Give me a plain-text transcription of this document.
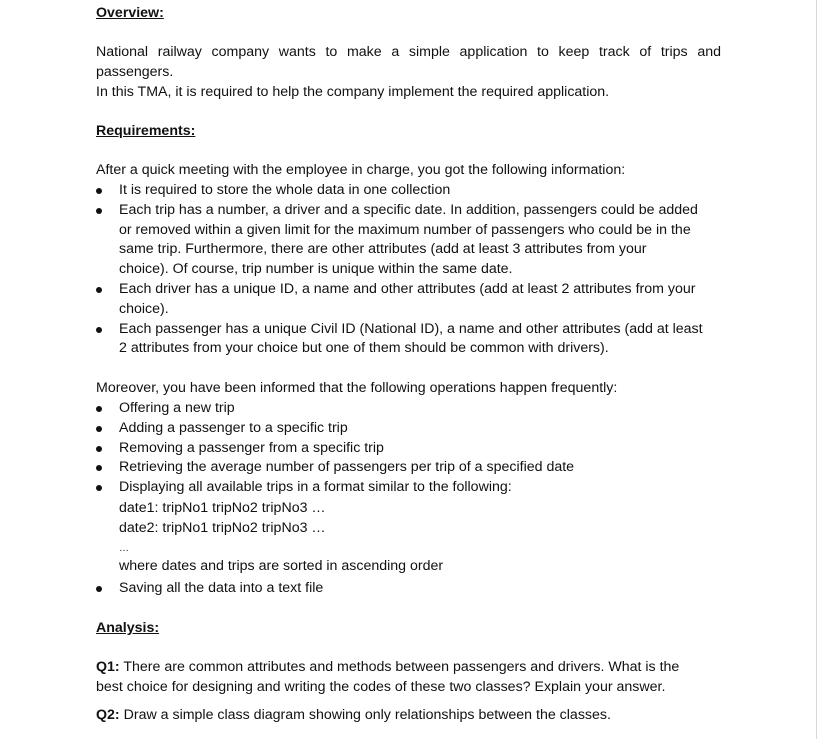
Overview:
National railway company wants to make a simple application to keep track of trips and
passengers.
In this TMA, it is required to help the company implement the required application.
Requirements:
After a quick meeting with the employee in charge, you got the following information:
It is required to store the whole data in one collection
Each trip has a number, a driver and a specific date. In addition, passengers could be added
or removed within a given limit for the maximum number of passengers who could be in the
same trip. Furthermore, there are other attributes (add at least 3 attributes from your
choice). Of course, trip number is unique within the same date.
Each driver has a unique ID, a name and other attributes (add at least 2 attributes from your
choice).
Each passenger has a unique Civil ID (National ID), a name and other attributes (add at least
2 attributes from your choice but one of them should be common with drivers).
Moreover, you have been informed that the following operations happen frequently:
Offering a new trip
Adding a passenger to a specific trip
Removing a passenger from a specific trip
Retrieving the average number of passengers per trip of a specified date
Displaying all available trips in a format similar to the following:
date1: tripNo1 tripNo2 tripNo3 …
date2: tripNo1 tripNo2 tripNo3 …
…
where dates and trips are sorted in ascending order
Saving all the data into a text file
Analysis:
Q1: There are common attributes and methods between passengers and drivers. What is the
best choice for designing and writing the codes of these two classes? Explain your answer.
Q2: Draw a simple class diagram showing only relationships between the classes.
